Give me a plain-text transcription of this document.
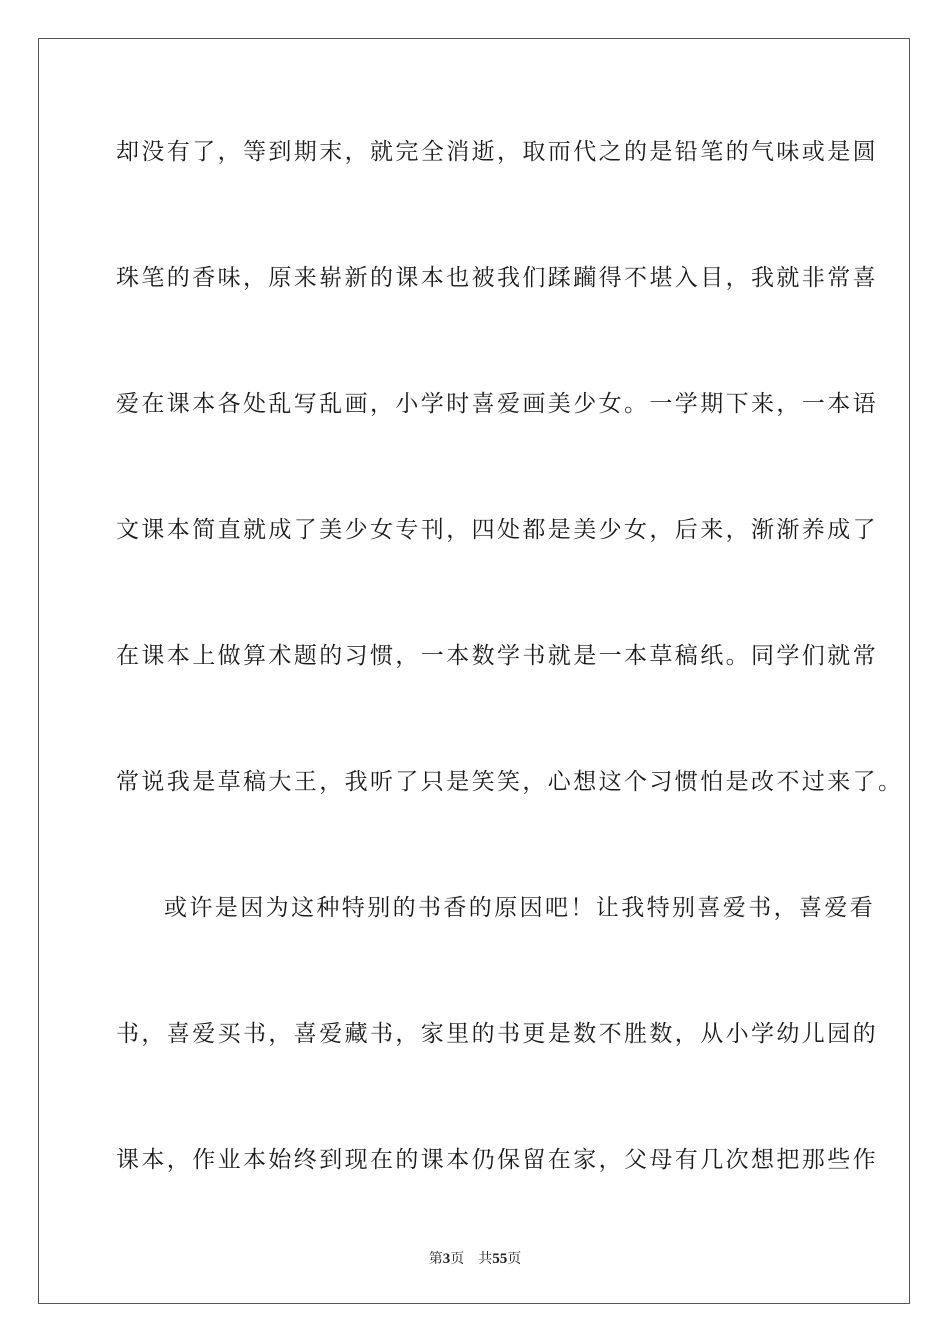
却没有了，等到期末，就完全消逝，取而代之的是铅笔的气味或是圆
珠笔的香味，原来崭新的课本也被我们蹂躏得不堪入目，我就非常喜
爱在课本各处乱写乱画，小学时喜爱画美少女。一学期下来，一本语
文课本简直就成了美少女专刊，四处都是美少女，后来，渐渐养成了
在课本上做算术题的习惯，一本数学书就是一本草稿纸。同学们就常
常说我是草稿大王，我听了只是笑笑，心想这个习惯怕是改不过来了。
或许是因为这种特别的书香的原因吧！让我特别喜爱书，喜爱看
书，喜爱买书，喜爱藏书，家里的书更是数不胜数，从小学幼儿园的
课本，作业本始终到现在的课本仍保留在家，父母有几次想把那些作
第3页 共55页
